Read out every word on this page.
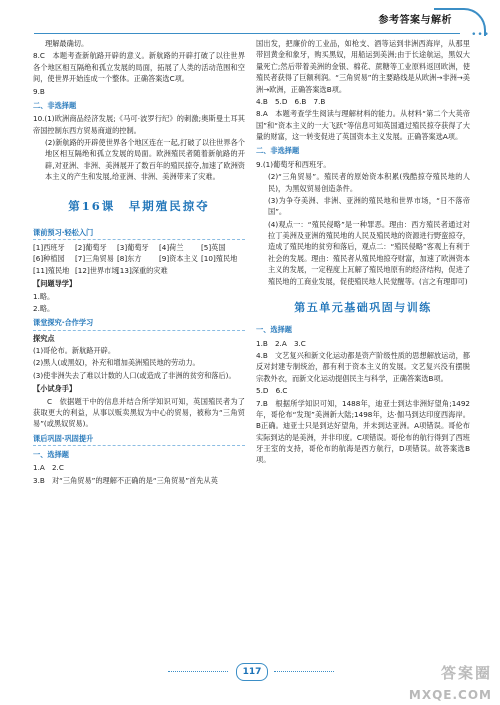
参考答案与解析
•••

理解最确切。

8.C　本题考查新航路开辟的意义。新航路的开辟打破了以往世界各个地区相互隔绝和孤立发展的局面，拓展了人类的活动范围和空间，使世界开始连成一个整体。正确答案选C项。

9.B

二、非选择题

10.(1)欧洲商品经济发展;《马可·波罗行纪》的刺激;奥斯曼土耳其帝国控制东西方贸易商道的控制。

(2)新航路的开辟使世界各个地区连在一起,打破了以往世界各个地区相互隔绝和孤立发展的局面。欧洲殖民者随着新航路的开辟,对亚洲、非洲、美洲展开了数百年的殖民掠夺,加速了欧洲资本主义的产生和发展,给亚洲、非洲、美洲带来了灾难。

第16课　早期殖民掠夺
课前预习·轻松入门
[1]西班牙	[2]葡萄牙	[3]葡萄牙	[4]荷兰	[5]英国
[6]种植园	[7]三角贸易 [8]东方	[9]资本主义 [10]殖民地
[11]殖民地 [12]世界市场
[13]深重的灾难
【问题导学】

1.略。

2.略。

课堂探究·合作学习
探究点

(1)哥伦布。新航路开辟。

(2)黑人(或黑奴)，补充和增加美洲殖民地的劳动力。

(3)使非洲失去了难以计数的人口(或造成了非洲的贫穷和落后)。

【小试身手】

C　依据题干中的信息并结合所学知识可知，英国殖民者为了获取更大的利益，从事以贩卖黑奴为中心的贸易，被称为“三角贸易”(或黑奴贸易)。

课后巩固·巩固提升
一、选择题

1.A　2.C

3.B　对“三角贸易”的理解不正确的是“三角贸易”首先从英

国出发，把廉价的工业品，如枪支、酒等运到非洲西海岸，从那里带回黄金和象牙，购买黑奴，用船运到美洲;由于长途航运，黑奴大量死亡;然后带着美洲的金银、棉花、蔗糖等工业原料返回欧洲，使殖民者获得了巨额利润。“三角贸易”的主要路线是从欧洲→非洲→美洲→欧洲，正确答案选B项。

4.B　5.D　6.B　7.B

8.A　本题考查学生阅读与理解材料的能力。从材料“第二个大英帝国”和“资本主义的一大飞跃”等信息可知英国通过殖民掠夺获得了大量的财富，这一转变促进了英国资本主义发展。正确答案选A项。

二、非选择题

9.(1)葡萄牙和西班牙。

(2)“三角贸易”。殖民者的原始资本积累(残酷掠夺殖民地的人民)，为黑奴贸易创造条件。

(3)为争夺美洲、非洲、亚洲的殖民地和世界市场，“日不落帝国”。

(4)观点一：“殖民侵略”是一种罪恶。理由：西方殖民者通过对拉丁美洲及亚洲的殖民地的人民及殖民地的资源进行野蛮掠夺，造成了殖民地的贫穷和落后，观点二：“殖民侵略”客观上有利于社会的发展。理由：殖民者从殖民地掠夺财富，加速了欧洲资本主义的发展，一定程度上瓦解了殖民地原有的经济结构，促进了殖民地的工商业发展，促使殖民地人民觉醒等。(言之有理即可)

第五单元基础巩固与训练
一、选择题

1.B　2.A　3.C

4.B　文艺复兴和新文化运动都是资产阶级性质的思想解放运动，都反对封建专制统治，都有利于资本主义的发展。文艺复兴没有摆脱宗教外衣，而新文化运动提倡民主与科学，正确答案选B项。

5.D　6.C

7.B　根据所学知识可知，1488年，迪亚士到达非洲好望角;1492年，哥伦布“发现”美洲新大陆;1498年，达·伽马到达印度西海岸。B正确。迪亚士只是到达好望角，并未到达亚洲。A项错误。哥伦布实际到达的是美洲，并非印度。C项错误。哥伦布的航行得到了西班牙王室的支持，哥伦布的航海是西方航行，D项错误。故答案选B项。

117	答案圈
MXQE.COM
